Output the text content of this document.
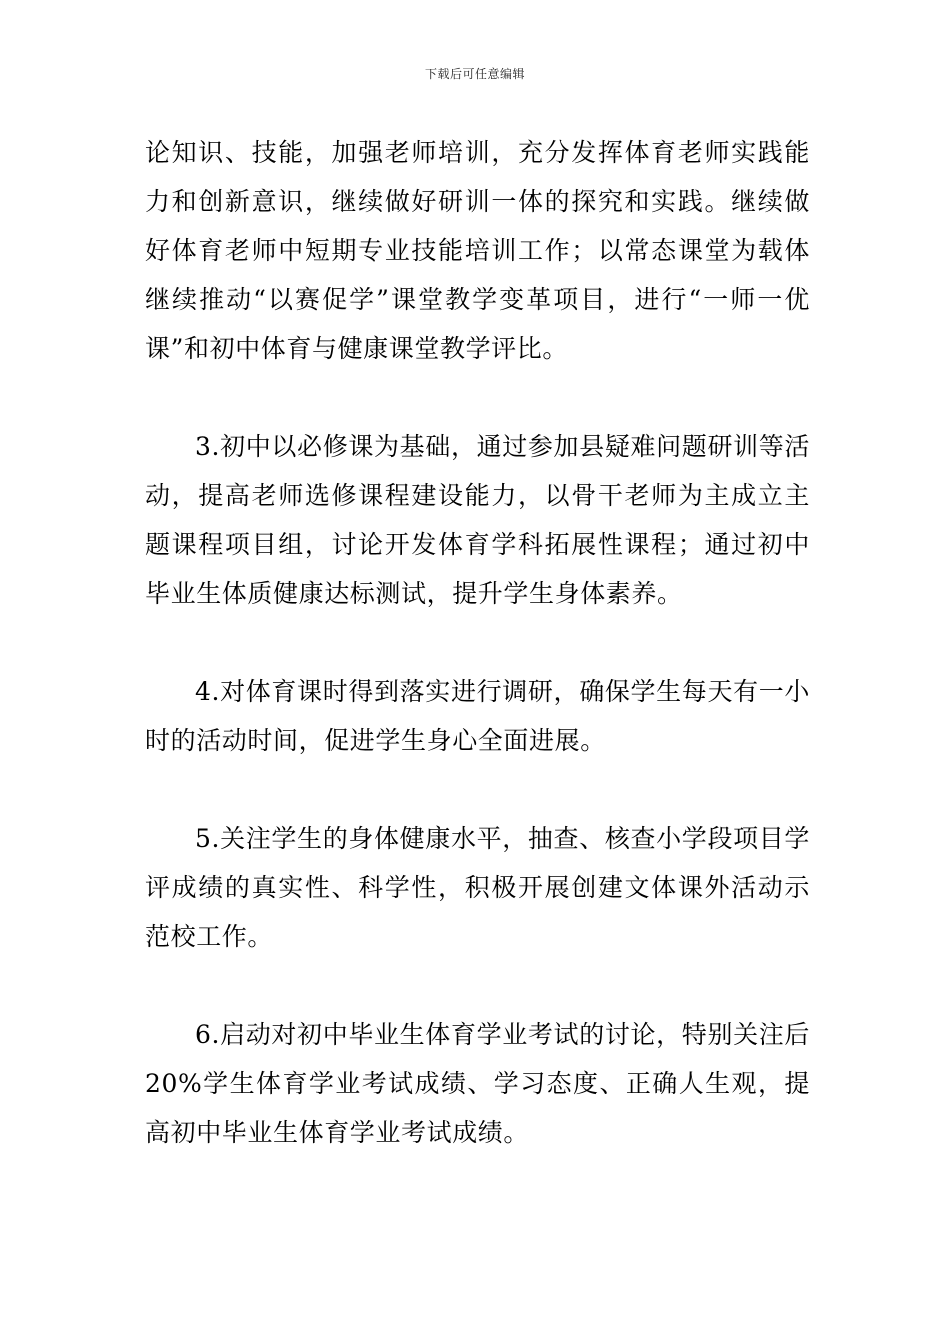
下载后可任意编辑

论知识、技能，加强老师培训，充分发挥体育老师实践能力和创新意识，继续做好研训一体的探究和实践。继续做好体育老师中短期专业技能培训工作；以常态课堂为载体继续推动“以赛促学”课堂教学变革项目，进行“一师一优课”和初中体育与健康课堂教学评比。

3.初中以必修课为基础，通过参加县疑难问题研训等活动，提高老师选修课程建设能力，以骨干老师为主成立主题课程项目组，讨论开发体育学科拓展性课程；通过初中毕业生体质健康达标测试，提升学生身体素养。

4.对体育课时得到落实进行调研，确保学生每天有一小时的活动时间，促进学生身心全面进展。

5.关注学生的身体健康水平，抽查、核查小学段项目学评成绩的真实性、科学性，积极开展创建文体课外活动示范校工作。

6.启动对初中毕业生体育学业考试的讨论，特别关注后20%学生体育学业考试成绩、学习态度、正确人生观，提高初中毕业生体育学业考试成绩。
